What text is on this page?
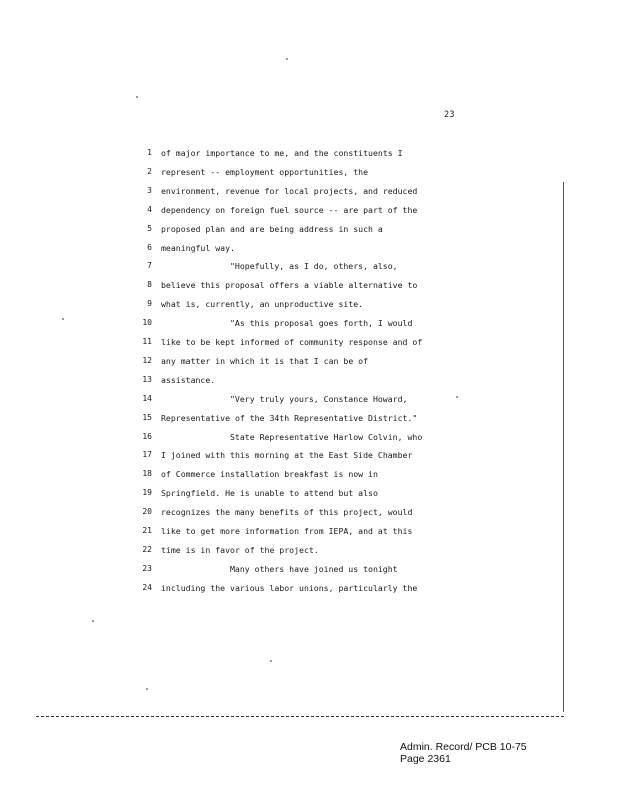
23
1 of major importance to me, and the constituents I
2 represent -- employment opportunities, the
3 environment, revenue for local projects, and reduced
4 dependency on foreign fuel source -- are part of the
5 proposed plan and are being address in such a
6 meaningful way.
7	"Hopefully, as I do, others, also,
8 believe this proposal offers a viable alternative to
9 what is, currently, an unproductive site.
10	"As this proposal goes forth, I would
11 like to be kept informed of community response and of
12 any matter in which it is that I can be of
13 assistance.
14	"Very truly yours, Constance Howard,
15 Representative of the 34th Representative District."
16	State Representative Harlow Colvin, who
17 I joined with this morning at the East Side Chamber
18 of Commerce installation breakfast is now in
19 Springfield. He is unable to attend but also
20 recognizes the many benefits of this project, would
21 like to get more information from IEPA, and at this
22 time is in favor of the project.
23	Many others have joined us tonight
24 including the various labor unions, particularly the
Admin. Record/ PCB 10-75
Page 2361
